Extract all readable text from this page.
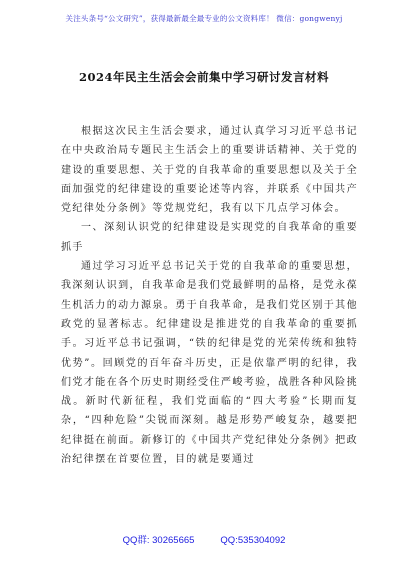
关注头条号“公文研究”，获得最新最全最专业的公文资料库！ 微信：gongwenyj
2024年民主生活会会前集中学习研讨发言材料

根据这次民主生活会要求，通过认真学习习近平总书记在中央政治局专题民主生活会上的重要讲话精神、关于党的建设的重要思想、关于党的自我革命的重要思想以及关于全面加强党的纪律建设的重要论述等内容，并联系《中国共产党纪律处分条例》等党规党纪，我有以下几点学习体会。

一、深刻认识党的纪律建设是实现党的自我革命的重要抓手

通过学习习近平总书记关于党的自我革命的重要思想，我深刻认识到，自我革命是我们党最鲜明的品格，是党永葆生机活力的动力源泉。勇于自我革命，是我们党区别于其他政党的显著标志。纪律建设是推进党的自我革命的重要抓手。习近平总书记强调，“铁的纪律是党的光荣传统和独特优势”。回顾党的百年奋斗历史，正是依靠严明的纪律，我们党才能在各个历史时期经受住严峻考验，战胜各种风险挑战。新时代新征程，我们党面临的“四大考验”长期而复杂，“四种危险”尖锐而深刻。越是形势严峻复杂，越要把纪律挺在前面。新修订的《中国共产党纪律处分条例》把政治纪律摆在首要位置，目的就是要通过

QQ群: 30265665	QQ:535304092
